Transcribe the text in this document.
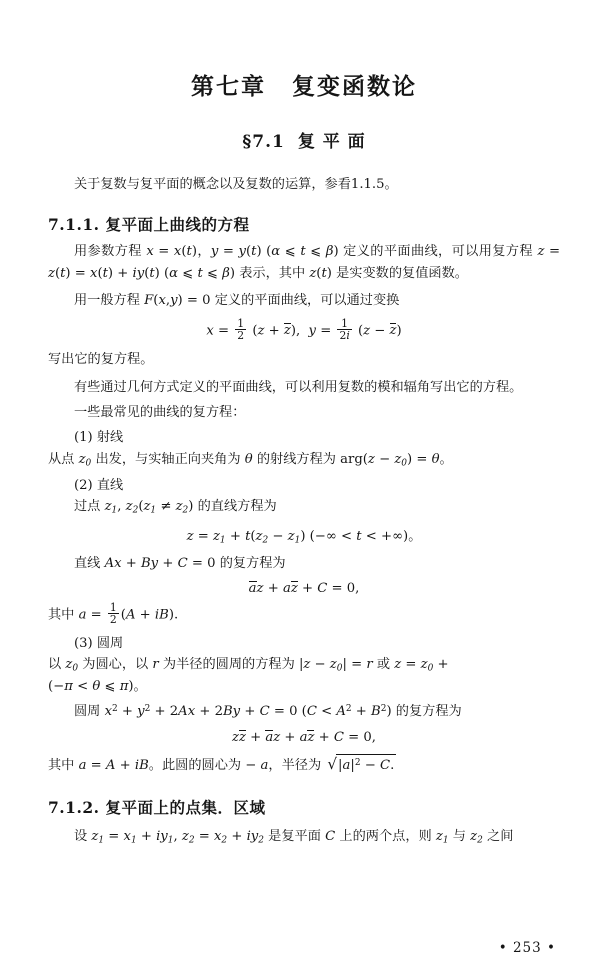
第七章 复变函数论
§7.1 复 平 面

关于复数与复平面的概念以及复数的运算，参看1.1.5。

7.1.1. 复平面上曲线的方程

用参数方程 x = x(t)，y = y(t) (α ⩽ t ⩽ β) 定义的平面曲线，可以用复方程 z = z(t) = x(t) + iy(t) (α ⩽ t ⩽ β) 表示，其中 z(t) 是实变数的复值函数。

用一般方程 F(x,y) = 0 定义的平面曲线，可以通过变换

$x = \frac{1}{2} (z + z)$,  $y = \frac{1}{2i} (z - z)$

写出它的复方程。

有些通过几何方式定义的平面曲线，可以利用复数的模和辐角写出它的方程。

一些最常见的曲线的复方程：

(1) 射线

从点 $z_0$ 出发，与实轴正向夹角为 θ 的射线方程为 $arg(z - z_0) = \theta$。

(2) 直线

过点 $z_1$, $z_2(z_1 \ne z_2)$ 的直线方程为

$z = z_1 + t(z_2 - z_1)$ (−∞ < t < +∞)。

直线 Ax + By + C = 0 的复方程为

az + az + C = 0,

其中 $a = \frac{1}{2} (A + iB)$.

(3) 圆周

以 $z_0$ 为圆心，以 r 为半径的圆周的方程为 $|z - z_0| = r$ 或 $z = z_0$ +
(−π < θ ⩽ π)。

圆周 $x^2 + y^2 + 2Ax + 2By + C = 0$ $(C < A^2 + B^2)$ 的复方程为

zz + az + az + C = 0,

其中 a = A + iB。此圆的圆心为 − a，半径为 $√|a|^2 - C$.

7.1.2. 复平面上的点集．区域

设 $z_1 = x_1 + iy_1$, $z_2 = x_2 + iy_2$ 是复平面 C 上的两个点，则 $z_1$ 与 $z_2$ 之间

• 253 •
